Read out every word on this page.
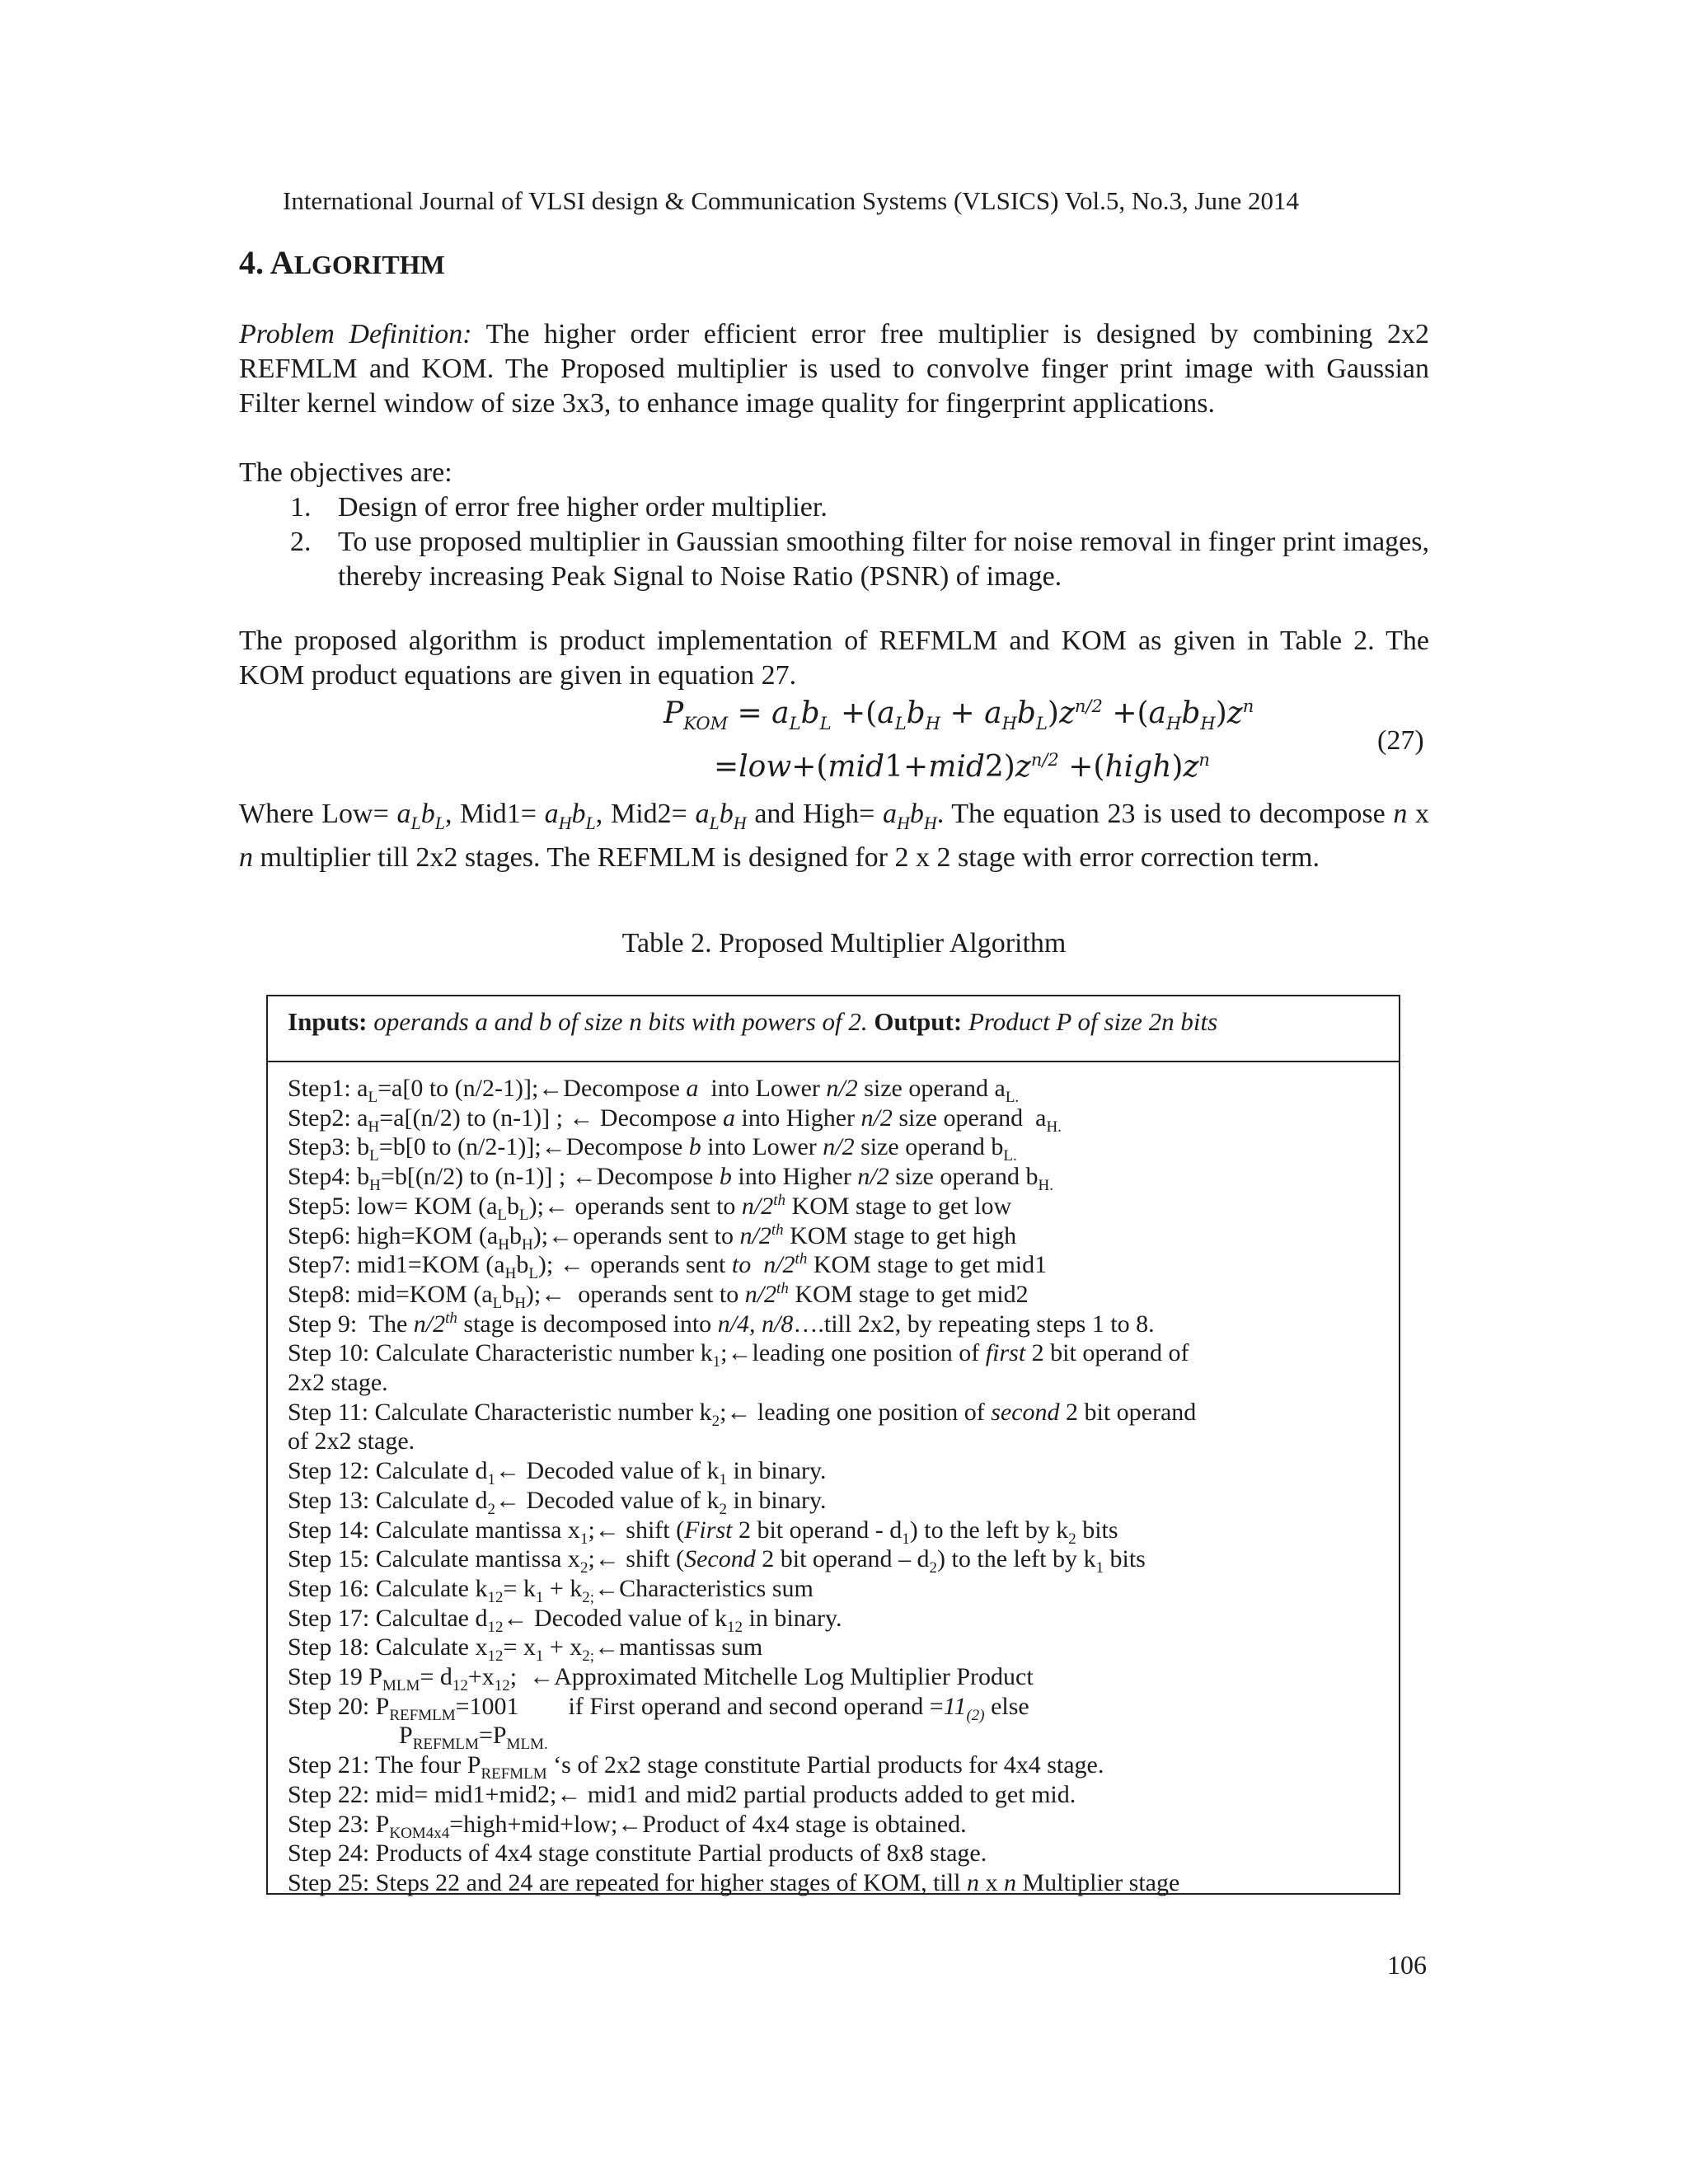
International Journal of VLSI design & Communication Systems (VLSICS) Vol.5, No.3, June 2014
4. ALGORITHM
Problem Definition: The higher order efficient error free multiplier is designed by combining 2x2 REFMLM and KOM. The Proposed multiplier is used to convolve finger print image with Gaussian Filter kernel window of size 3x3, to enhance image quality for fingerprint applications.
The objectives are:
1. Design of error free higher order multiplier.
2. To use proposed multiplier in Gaussian smoothing filter for noise removal in finger print images, thereby increasing Peak Signal to Noise Ratio (PSNR) of image.
The proposed algorithm is product implementation of REFMLM and KOM as given in Table 2. The KOM product equations are given in equation 27.
$P_{KOM} = a_Lb_L +(a_Lb_H + a_Hb_L)z^{n/2} +(a_Hb_H)z^n$
$=low+(mid1+mid2)z^{n/2}$ $+(high)z^n$
(27)
Where $Low= a_Lb_L$, $Mid1= a_Hb_L$, $Mid2= a_Lb_H$ and High= $a_Hb_H$. The equation 23 is used to decompose n x n multiplier till 2x2 stages. The REFMLM is designed for 2 x 2 stage with error correction term.
Table 2. Proposed Multiplier Algorithm
Inputs: operands a and b of size n bits with powers of 2. Output: Product P of size 2n bits
Step1: $a_L=a[0$ to (n/2-1)];←Decompose a  into Lower n/2 size operand $a_{L.}$
Step2: $a_H=a[(n/2)$ to (n-1)] ; ← Decompose a into Higher n/2 size operand  $a_{H.}$
Step3: $b_L=b[0$ to (n/2-1)];←Decompose b into Lower n/2 size operand $b_{L.}$
Step4: $b_H=b[(n/2)$ to (n-1)] ; ←Decompose b into Higher n/2 size operand $b_{H.}$
Step5: low= KOM $(a_Lb_L);\leftarrow$ operands sent to n/2th KOM stage to get low
Step6: high=KOM $(a_Hb_H);\leftarrow operands$ sent to n/2th KOM stage to get high
Step7: mid1=KOM $(a_Hb_L)$; ← operands sent to  n/2th KOM stage to get mid1
Step8: mid=KOM $(a_Lb_H);\leftarrow$  operands sent to n/2th KOM stage to get mid2
Step 9:  The n/2th stage is decomposed into n/4, n/8….till 2x2, by repeating steps 1 to 8.
Step 10: Calculate Characteristic number $k_1;\leftarrow leading$ one position of first 2 bit operand of
2x2 stage.
Step 11: Calculate Characteristic number $k_2;\leftarrow$ leading one position of second 2 bit operand
of 2x2 stage.
Step 12: Calculate $d_1\leftarrow$ Decoded value of $k_1$ in binary.
Step 13: Calculate $d_2\leftarrow$ Decoded value of $k_2$ in binary.
Step 14: Calculate mantissa $x_1;\leftarrow$ shift (First 2 bit operand - $d_1$) to the left by $k_2$ bits
Step 15: Calculate mantissa $x_2;\leftarrow$ shift (Second 2 bit operand – $d_2$) to the left by $k_1$ bits
Step 16: Calculate $k_{12}= k_1$ + $k_{2;}\leftarrow Characteristics$ sum
Step 17: Calcultae $d_{12}\leftarrow$ Decoded value of $k_{12}$ in binary.
Step 18: Calculate $x_{12}= x_1$ + $x_{2;}\leftarrow mantissas$ sum
Step 19 $P_{MLM}= d_{12}+x_{12}$;  ←Approximated Mitchelle Log Multiplier Product
Step 20: $P_{REFMLM}=1001$        if First operand and second operand $=11_{(2)}$ else
$P_{REFMLM}=P_{MLM.}$
Step 21: The four $P_{REFMLM}$ ‘s of 2x2 stage constitute Partial products for 4x4 stage.
Step 22: mid= mid1+mid2;← mid1 and mid2 partial products added to get mid.
Step 23: $P_{KOM4x4}=high+mid+low;\leftarrow Product$ of 4x4 stage is obtained.
Step 24: Products of 4x4 stage constitute Partial products of 8x8 stage.
Step 25: Steps 22 and 24 are repeated for higher stages of KOM, till n x n Multiplier stage
106
